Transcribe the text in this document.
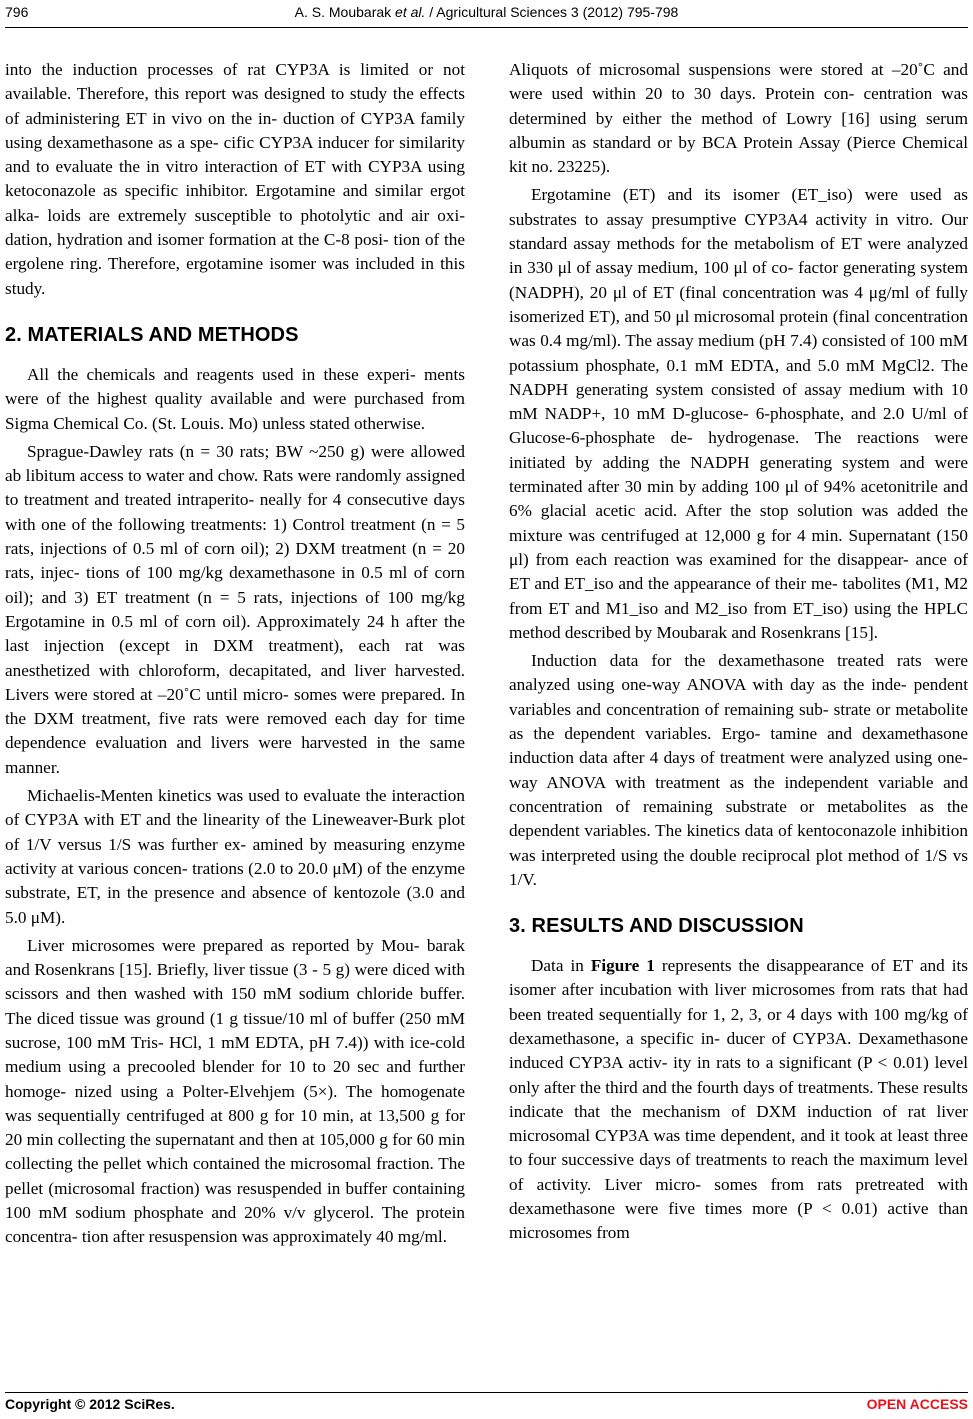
796	A. S. Moubarak et al. / Agricultural Sciences 3 (2012) 795-798

into the induction processes of rat CYP3A is limited or not available. Therefore, this report was designed to study the effects of administering ET in vivo on the in- duction of CYP3A family using dexamethasone as a spe- cific CYP3A inducer for similarity and to evaluate the in vitro interaction of ET with CYP3A using ketoconazole as specific inhibitor. Ergotamine and similar ergot alka- loids are extremely susceptible to photolytic and air oxi- dation, hydration and isomer formation at the C-8 posi- tion of the ergolene ring. Therefore, ergotamine isomer was included in this study.

2. MATERIALS AND METHODS

All the chemicals and reagents used in these experi- ments were of the highest quality available and were purchased from Sigma Chemical Co. (St. Louis. Mo) unless stated otherwise.

Sprague-Dawley rats (n = 30 rats; BW ~250 g) were allowed ab libitum access to water and chow. Rats were randomly assigned to treatment and treated intraperito- neally for 4 consecutive days with one of the following treatments: 1) Control treatment (n = 5 rats, injections of 0.5 ml of corn oil); 2) DXM treatment (n = 20 rats, injec- tions of 100 mg/kg dexamethasone in 0.5 ml of corn oil); and 3) ET treatment (n = 5 rats, injections of 100 mg/kg Ergotamine in 0.5 ml of corn oil). Approximately 24 h after the last injection (except in DXM treatment), each rat was anesthetized with chloroform, decapitated, and liver harvested. Livers were stored at –20˚C until micro- somes were prepared. In the DXM treatment, five rats were removed each day for time dependence evaluation and livers were harvested in the same manner.

Michaelis-Menten kinetics was used to evaluate the interaction of CYP3A with ET and the linearity of the Lineweaver-Burk plot of 1/V versus 1/S was further ex- amined by measuring enzyme activity at various concen- trations (2.0 to 20.0 μM) of the enzyme substrate, ET, in the presence and absence of kentozole (3.0 and 5.0 μM).

Liver microsomes were prepared as reported by Mou- barak and Rosenkrans [15]. Briefly, liver tissue (3 - 5 g) were diced with scissors and then washed with 150 mM sodium chloride buffer. The diced tissue was ground (1 g tissue/10 ml of buffer (250 mM sucrose, 100 mM Tris- HCl, 1 mM EDTA, pH 7.4)) with ice-cold medium using a precooled blender for 10 to 20 sec and further homoge- nized using a Polter-Elvehjem (5×). The homogenate was sequentially centrifuged at 800 g for 10 min, at 13,500 g for 20 min collecting the supernatant and then at 105,000 g for 60 min collecting the pellet which contained the microsomal fraction. The pellet (microsomal fraction) was resuspended in buffer containing 100 mM sodium phosphate and 20% v/v glycerol. The protein concentra- tion after resuspension was approximately 40 mg/ml.

Aliquots of microsomal suspensions were stored at –20˚C and were used within 20 to 30 days. Protein con- centration was determined by either the method of Lowry [16] using serum albumin as standard or by BCA Protein Assay (Pierce Chemical kit no. 23225).

Ergotamine (ET) and its isomer (ET_iso) were used as substrates to assay presumptive CYP3A4 activity in vitro. Our standard assay methods for the metabolism of ET were analyzed in 330 μl of assay medium, 100 μl of co- factor generating system (NADPH), 20 μl of ET (final concentration was 4 μg/ml of fully isomerized ET), and 50 μl microsomal protein (final concentration was 0.4 mg/ml). The assay medium (pH 7.4) consisted of 100 mM potassium phosphate, 0.1 mM EDTA, and 5.0 mM MgCl2. The NADPH generating system consisted of assay medium with 10 mM NADP+, 10 mM D-glucose- 6-phosphate, and 2.0 U/ml of Glucose-6-phosphate de- hydrogenase. The reactions were initiated by adding the NADPH generating system and were terminated after 30 min by adding 100 μl of 94% acetonitrile and 6% glacial acetic acid. After the stop solution was added the mixture was centrifuged at 12,000 g for 4 min. Supernatant (150 μl) from each reaction was examined for the disappear- ance of ET and ET_iso and the appearance of their me- tabolites (M1, M2 from ET and M1_iso and M2_iso from ET_iso) using the HPLC method described by Moubarak and Rosenkrans [15].

Induction data for the dexamethasone treated rats were analyzed using one-way ANOVA with day as the inde- pendent variables and concentration of remaining sub- strate or metabolite as the dependent variables. Ergo- tamine and dexamethasone induction data after 4 days of treatment were analyzed using one-way ANOVA with treatment as the independent variable and concentration of remaining substrate or metabolites as the dependent variables. The kinetics data of kentoconazole inhibition was interpreted using the double reciprocal plot method of 1/S vs 1/V.

3. RESULTS AND DISCUSSION

Data in Figure 1 represents the disappearance of ET and its isomer after incubation with liver microsomes from rats that had been treated sequentially for 1, 2, 3, or 4 days with 100 mg/kg of dexamethasone, a specific in- ducer of CYP3A. Dexamethasone induced CYP3A activ- ity in rats to a significant (P < 0.01) level only after the third and the fourth days of treatments. These results indicate that the mechanism of DXM induction of rat liver microsomal CYP3A was time dependent, and it took at least three to four successive days of treatments to reach the maximum level of activity. Liver micro- somes from rats pretreated with dexamethasone were five times more (P < 0.01) active than microsomes from

Copyright © 2012 SciRes.	OPEN ACCESS
